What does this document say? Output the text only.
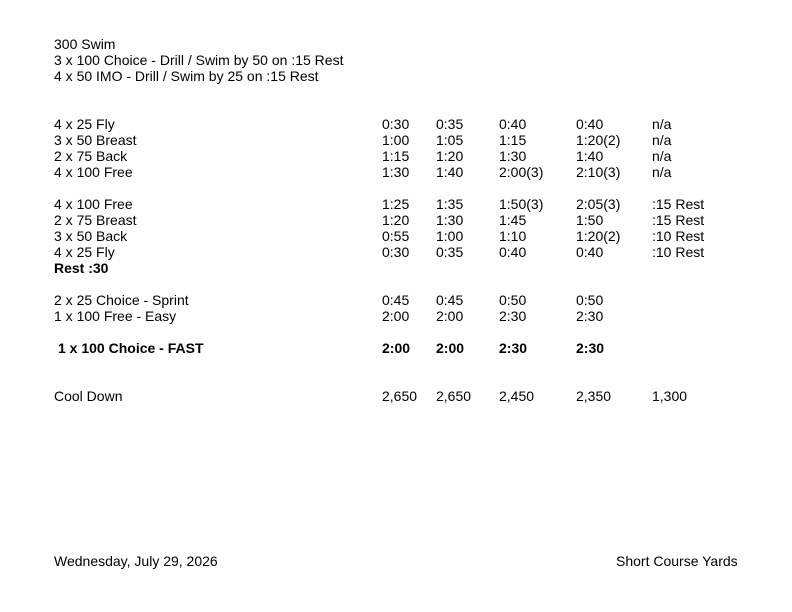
300 Swim
3 x 100 Choice - Drill / Swim by 50 on :15 Rest
4 x 50 IMO - Drill / Swim by 25 on :15 Rest
4 x 25 Fly	0:30 0:35	0:40	0:40	n/a
3 x 50 Breast	1:00 1:05	1:15	1:20(2) n/a
2 x 75 Back	1:15 1:20	1:30	1:40	n/a
4 x 100 Free	1:30 1:40	2:00(3) 2:10(3) n/a
4 x 100 Free	1:25 1:35	1:50(3) 2:05(3) :15 Rest
2 x 75 Breast	1:20 1:30	1:45	1:50	:15 Rest
3 x 50 Back	0:55 1:00	1:10	1:20(2) :10 Rest
4 x 25 Fly	0:30 0:35	0:40	0:40	:10 Rest
Rest :30
2 x 25 Choice - Sprint	0:45 0:45	0:50	0:50
1 x 100 Free - Easy	2:00 2:00	2:30	2:30
1 x 100 Choice - FAST	2:00 2:00 2:30	2:30
Cool Down	2,650 2,650 2,450	2,350	1,300
Wednesday, July 29, 2026	Short Course Yards
